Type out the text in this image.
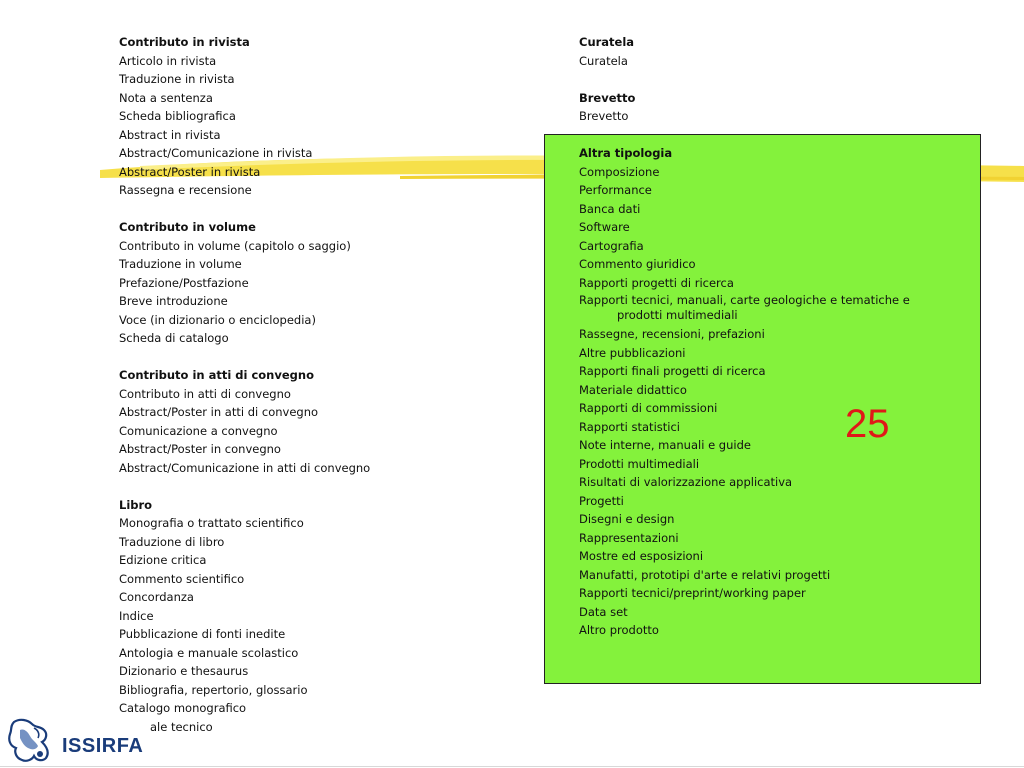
Contributo in rivista

Articolo in rivista

Traduzione in rivista

Nota a sentenza

Scheda bibliografica

Abstract in rivista

Abstract/Comunicazione in rivista

Abstract/Poster in rivista

Rassegna e recensione

Contributo in volume

Contributo in volume (capitolo o saggio)

Traduzione in volume

Prefazione/Postfazione

Breve introduzione

Voce (in dizionario o enciclopedia)

Scheda di catalogo

Contributo in atti di convegno

Contributo in atti di convegno

Abstract/Poster in atti di convegno

Comunicazione a convegno

Abstract/Poster in convegno

Abstract/Comunicazione in atti di convegno

Libro

Monografia o trattato scientifico

Traduzione di libro

Edizione critica

Commento scientifico

Concordanza

Indice

Pubblicazione di fonti inedite

Antologia e manuale scolastico

Dizionario e thesaurus

Bibliografia, repertorio, glossario

Catalogo monografico

ale tecnico

Curatela

Curatela

Brevetto

Brevetto

Altra tipologia

Composizione

Performance

Banca dati

Software

Cartografia

Commento giuridico

Rapporti progetti di ricerca

Rapporti tecnici, manuali, carte geologiche e tematiche e prodotti multimediali

Rassegne, recensioni, prefazioni

Altre pubblicazioni

Rapporti finali progetti di ricerca

Materiale didattico

Rapporti di commissioni

Rapporti statistici

Note interne, manuali e guide

Prodotti multimediali

Risultati di valorizzazione applicativa

Progetti

Disegni e design

Rappresentazioni

Mostre ed esposizioni

Manufatti, prototipi d'arte e relativi progetti

Rapporti tecnici/preprint/working paper

Data set

Altro prodotto

25
ISSIRFA
